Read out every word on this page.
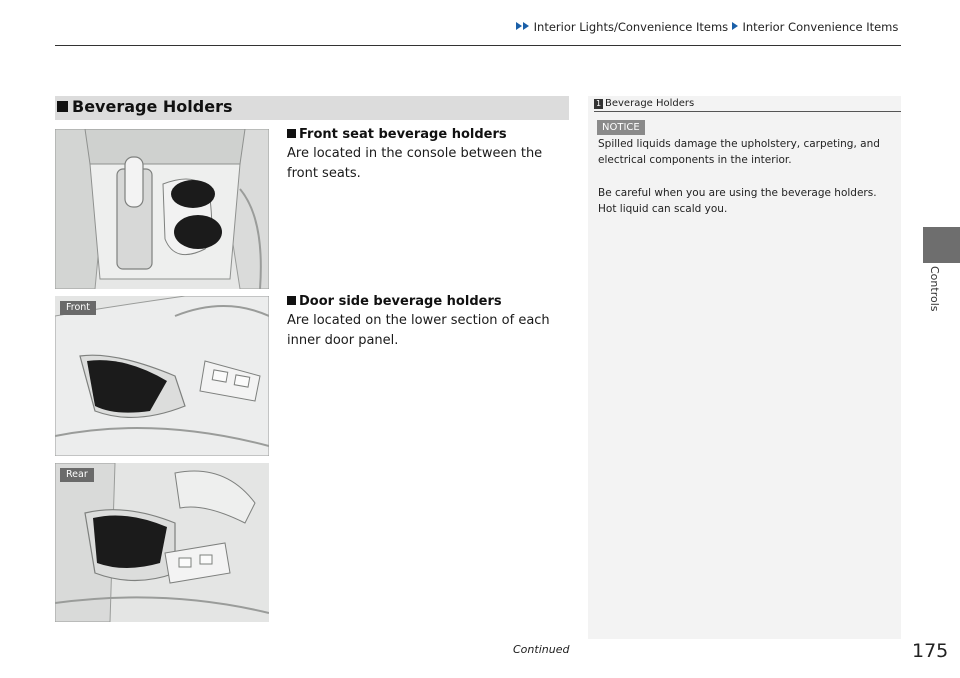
Interior Lights/Convenience Items Interior Convenience Items
Controls
Beverage Holders
Front seat beverage holders
Are located in the console between the front seats.
Front	Door side beverage holders
Are located on the lower section of each inner door panel.
Rear
1 Beverage Holders
NOTICE
Spilled liquids damage the upholstery, carpeting, and electrical components in the interior.
Be careful when you are using the beverage holders. Hot liquid can scald you.
Continued	175
